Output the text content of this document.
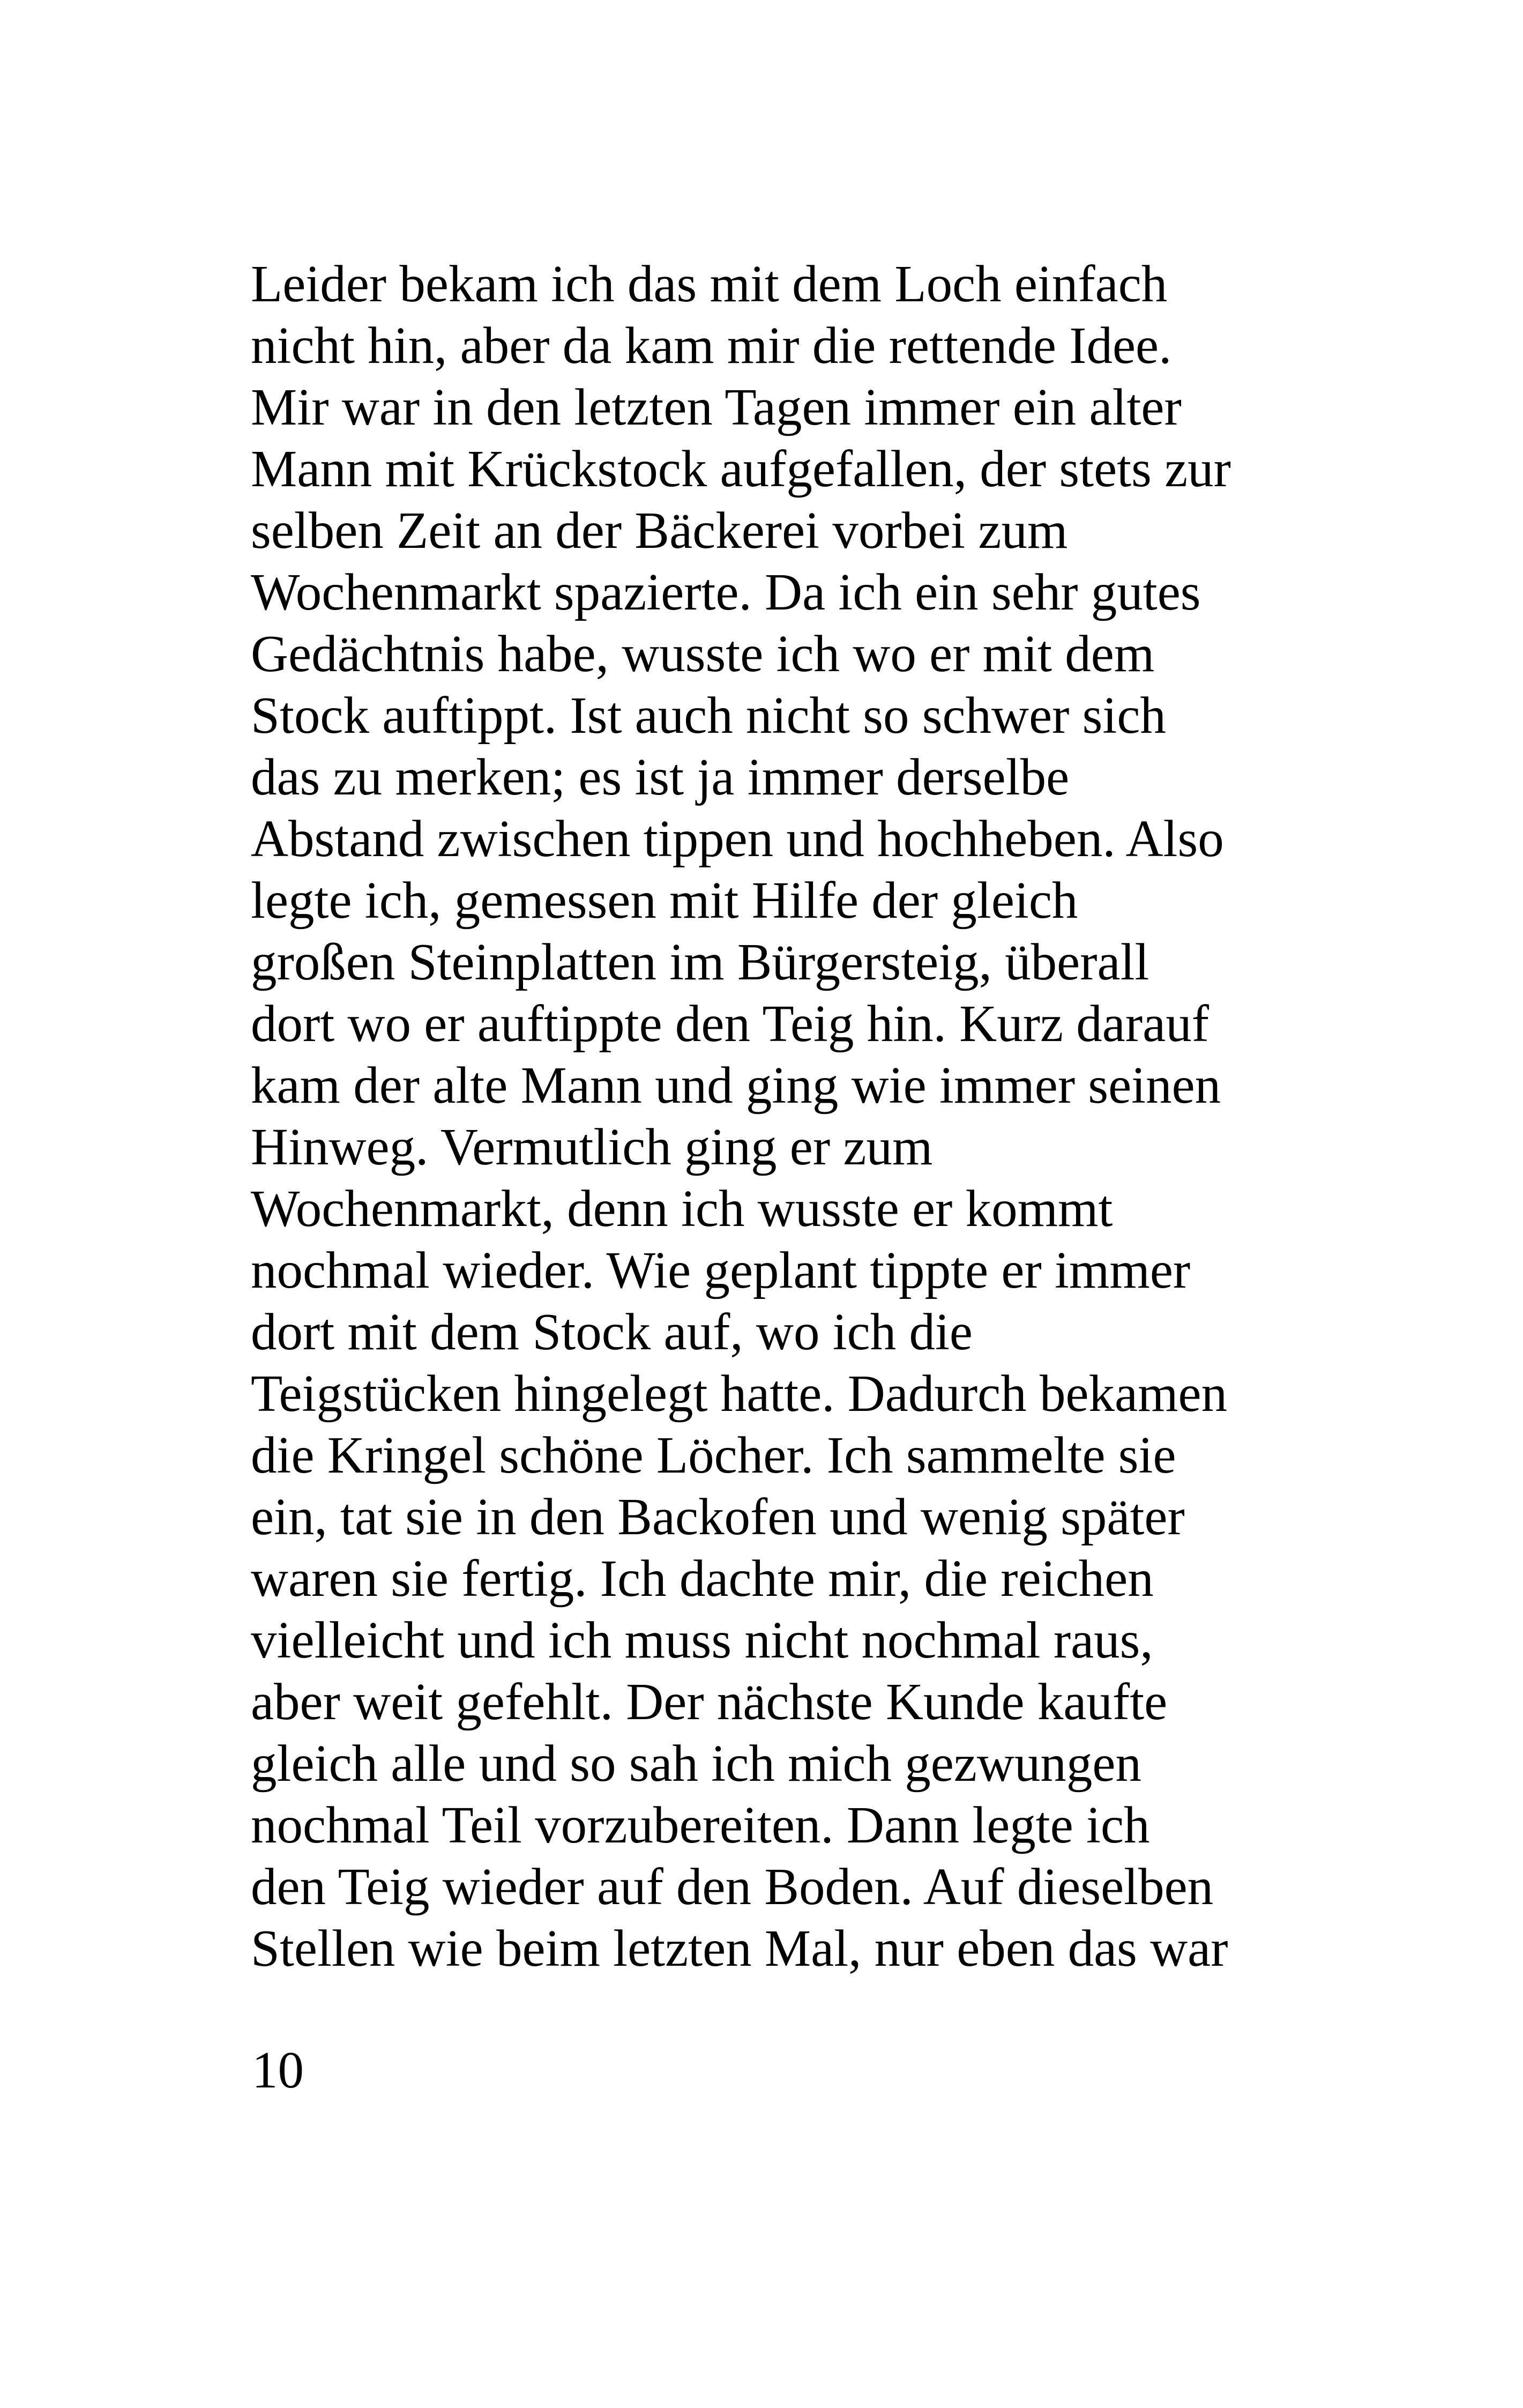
Leider bekam ich das mit dem Loch einfach
nicht hin, aber da kam mir die rettende Idee.
Mir war in den letzten Tagen immer ein alter
Mann mit Krückstock aufgefallen, der stets zur
selben Zeit an der Bäckerei vorbei zum
Wochenmarkt spazierte. Da ich ein sehr gutes
Gedächtnis habe, wusste ich wo er mit dem
Stock auftippt. Ist auch nicht so schwer sich
das zu merken; es ist ja immer derselbe
Abstand zwischen tippen und hochheben. Also
legte ich, gemessen mit Hilfe der gleich
großen Steinplatten im Bürgersteig, überall
dort wo er auftippte den Teig hin. Kurz darauf
kam der alte Mann und ging wie immer seinen
Hinweg. Vermutlich ging er zum
Wochenmarkt, denn ich wusste er kommt
nochmal wieder. Wie geplant tippte er immer
dort mit dem Stock auf, wo ich die
Teigstücken hingelegt hatte. Dadurch bekamen
die Kringel schöne Löcher. Ich sammelte sie
ein, tat sie in den Backofen und wenig später
waren sie fertig. Ich dachte mir, die reichen
vielleicht und ich muss nicht nochmal raus,
aber weit gefehlt. Der nächste Kunde kaufte
gleich alle und so sah ich mich gezwungen
nochmal Teil vorzubereiten. Dann legte ich
den Teig wieder auf den Boden. Auf dieselben
Stellen wie beim letzten Mal, nur eben das war
10
